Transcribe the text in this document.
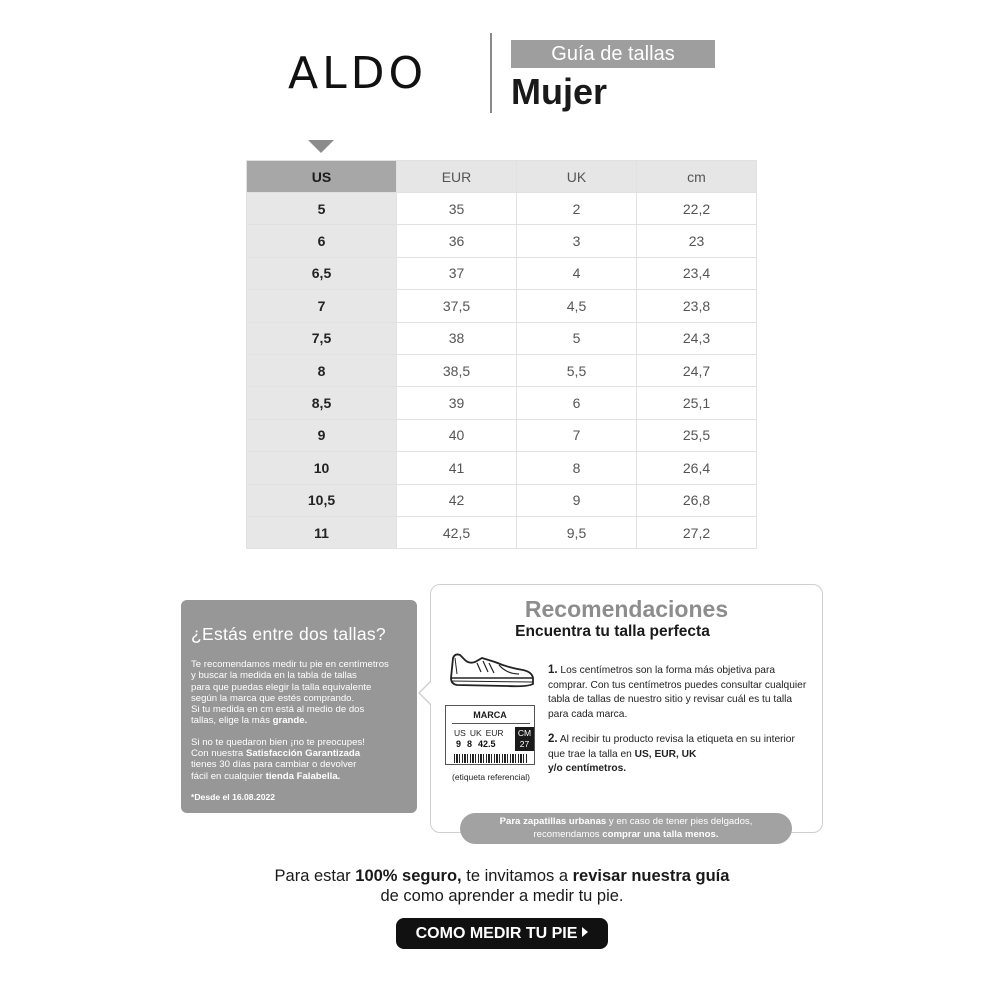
ALDO	Guía de tallas
Mujer
US	EUR	UK	cm
5	35	2	22,2
6	36	3	23
6,5	37	4	23,4
7	37,5	4,5	23,8
7,5	38	5	24,3
8	38,5	5,5	24,7
8,5	39	6	25,1
9	40	7	25,5
10	41	8	26,4
10,5	42	9	26,8
11	42,5	9,5	27,2
¿Estás entre dos tallas?
Te recomendamos medir tu pie en centímetros
y buscar la medida en la tabla de tallas
para que puedas elegir la talla equivalente
según la marca que estés comprando.
Si tu medida en cm está al medio de dos
tallas, elige la más grande.
Si no te quedaron bien ¡no te preocupes!
Con nuestra Satisfacción Garantizada
tienes 30 días para cambiar o devolver
fácil en cualquier tienda Falabella.
*Desde el 16.08.2022
Recomendaciones
Encuentra tu talla perfecta
MARCA
US UK EUR
9 8 42.5
CM
27
(etiqueta referencial)
1. Los centímetros son la forma más objetiva para comprar. Con tus centímetros puedes consultar cualquier tabla de tallas de nuestro sitio y revisar cuál es tu talla para cada marca.
2. Al recibir tu producto revisa la etiqueta en su interior que trae la talla en US, EUR, UK
y/o centímetros.
Para zapatillas urbanas y en caso de tener pies delgados,
recomendamos comprar una talla menos.
Para estar 100% seguro, te invitamos a revisar nuestra guía
de como aprender a medir tu pie.
COMO MEDIR TU PIE
